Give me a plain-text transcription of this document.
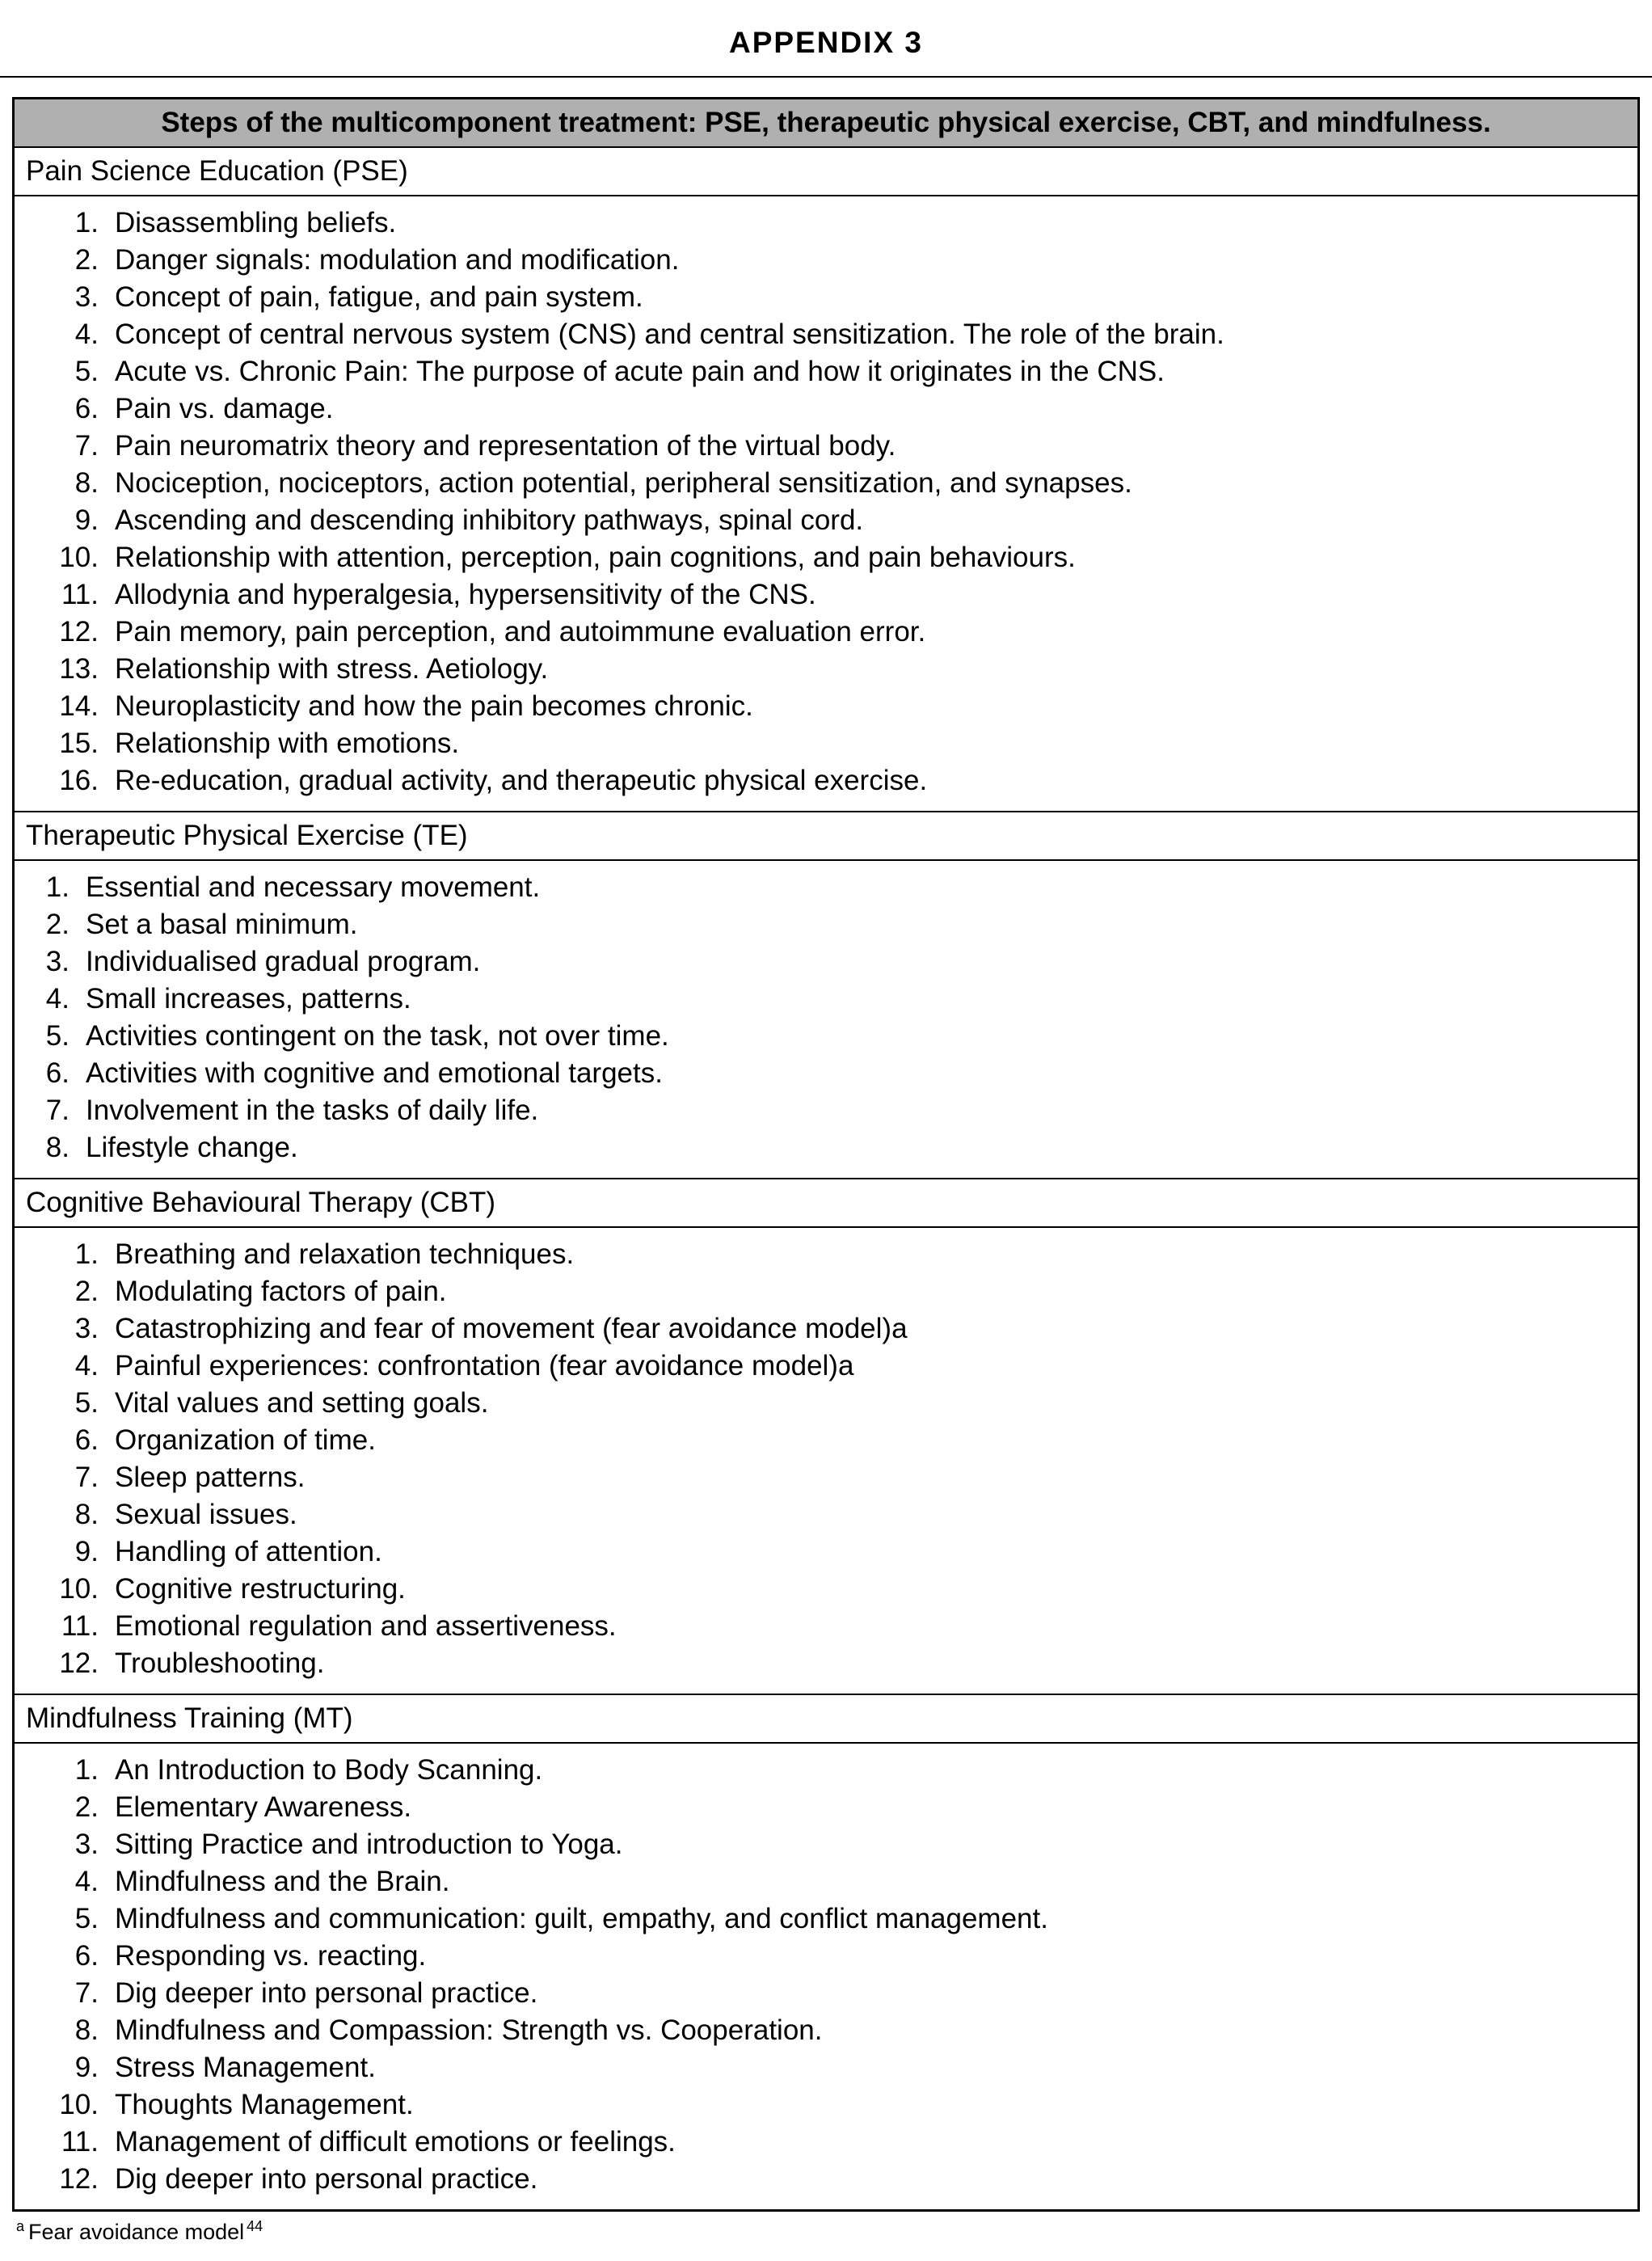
APPENDIX 3
Steps of the multicomponent treatment: PSE, therapeutic physical exercise, CBT, and mindfulness.
Pain Science Education (PSE)

1. Disassembling beliefs.
2. Danger signals: modulation and modification.
3. Concept of pain, fatigue, and pain system.
4. Concept of central nervous system (CNS) and central sensitization. The role of the brain.
5. Acute vs. Chronic Pain: The purpose of acute pain and how it originates in the CNS.
6. Pain vs. damage.
7. Pain neuromatrix theory and representation of the virtual body.
8. Nociception, nociceptors, action potential, peripheral sensitization, and synapses.
9. Ascending and descending inhibitory pathways, spinal cord.
10. Relationship with attention, perception, pain cognitions, and pain behaviours.
11. Allodynia and hyperalgesia, hypersensitivity of the CNS.
12. Pain memory, pain perception, and autoimmune evaluation error.
13. Relationship with stress. Aetiology.
14. Neuroplasticity and how the pain becomes chronic.
15. Relationship with emotions.
16. Re-education, gradual activity, and therapeutic physical exercise.

Therapeutic Physical Exercise (TE)

1. Essential and necessary movement.
2. Set a basal minimum.
3. Individualised gradual program.
4. Small increases, patterns.
5. Activities contingent on the task, not over time.
6. Activities with cognitive and emotional targets.
7. Involvement in the tasks of daily life.
8. Lifestyle change.

Cognitive Behavioural Therapy (CBT)

1. Breathing and relaxation techniques.
2. Modulating factors of pain.
3. Catastrophizing and fear of movement (fear avoidance model)a
4. Painful experiences: confrontation (fear avoidance model)a
5. Vital values and setting goals.
6. Organization of time.
7. Sleep patterns.
8. Sexual issues.
9. Handling of attention.
10. Cognitive restructuring.
11. Emotional regulation and assertiveness.
12. Troubleshooting.

Mindfulness Training (MT)

1. An Introduction to Body Scanning.
2. Elementary Awareness.
3. Sitting Practice and introduction to Yoga.
4. Mindfulness and the Brain.
5. Mindfulness and communication: guilt, empathy, and conflict management.
6. Responding vs. reacting.
7. Dig deeper into personal practice.
8. Mindfulness and Compassion: Strength vs. Cooperation.
9. Stress Management.
10. Thoughts Management.
11. Management of difficult emotions or feelings.
12. Dig deeper into personal practice.
$^a$ Fear avoidance model $^{44}$
